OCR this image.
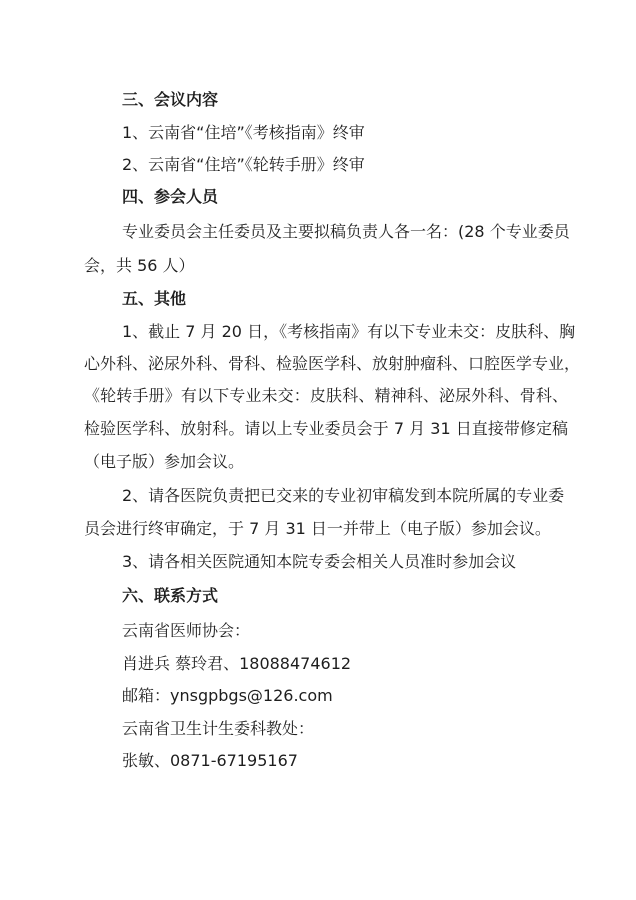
三、会议内容
1、云南省“住培”《考核指南》终审
2、云南省“住培”《轮转手册》终审
四、参会人员
专业委员会主任委员及主要拟稿负责人各一名：(28 个专业委员
会，共 56 人）
五、其他
1、截止 7 月 20 日，《考核指南》有以下专业未交：皮肤科、胸
心外科、泌尿外科、骨科、检验医学科、放射肿瘤科、口腔医学专业，
《轮转手册》有以下专业未交：皮肤科、精神科、泌尿外科、骨科、
检验医学科、放射科。请以上专业委员会于 7 月 31 日直接带修定稿
（电子版）参加会议。
2、请各医院负责把已交来的专业初审稿发到本院所属的专业委
员会进行终审确定，于 7 月 31 日一并带上（电子版）参加会议。
3、请各相关医院通知本院专委会相关人员准时参加会议
六、联系方式
云南省医师协会：
肖进兵 蔡玲君、18088474612
邮箱：ynsgpbgs@126.com
云南省卫生计生委科教处：
张敏、0871-67195167
